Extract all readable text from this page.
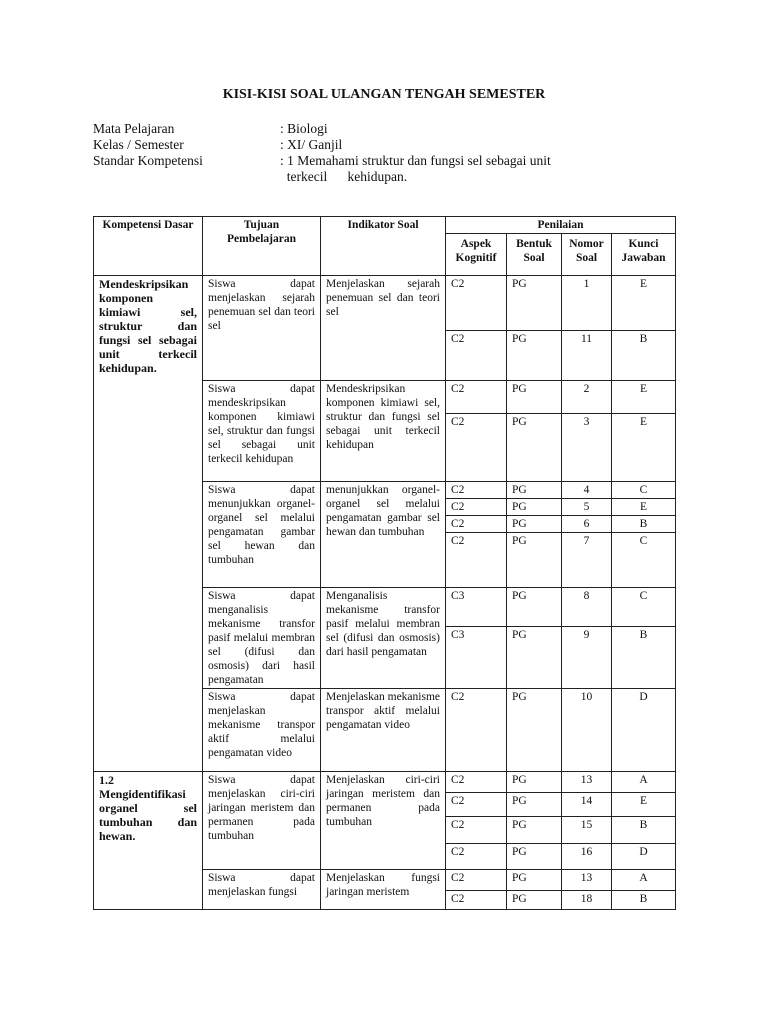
KISI-KISI SOAL ULANGAN TENGAH SEMESTER
Mata Pelajaran	: Biologi
Kelas / Semester	: XI/ Ganjil
Standar Kompetensi	: 1 Memahami struktur dan fungsi sel sebagai unit
terkecil      kehidupan.
Kompetensi Dasar	Tujuan Pembelajaran	Indikator Soal	Penilaian			
			Aspek Kognitif	Bentuk Soal	Nomor Soal	Kunci Jawaban
Mendeskripsikan komponen kimiawi sel, struktur dan fungsi sel sebagai unit terkecil kehidupan.	Siswa dapat menjelaskan sejarah penemuan sel dan teori sel	Menjelaskan sejarah penemuan sel dan teori sel	C2	PG	1	E
			C2	PG	11	B
	Siswa dapat mendeskripsikan komponen kimiawi sel, struktur dan fungsi sel sebagai unit terkecil kehidupan	Mendeskripsikan komponen kimiawi sel, struktur dan fungsi sel sebagai unit terkecil kehidupan	C2	PG	2	E
			C2	PG	3	E
	Siswa dapat menunjukkan organel-organel sel melalui pengamatan gambar sel hewan dan tumbuhan	menunjukkan organel-organel sel melalui pengamatan gambar sel hewan dan tumbuhan	C2	PG	4	C
			C2	PG	5	E
			C2	PG	6	B
			C2	PG	7	C
	Siswa dapat menganalisis mekanisme transfor pasif melalui membran sel (difusi dan osmosis) dari hasil pengamatan	Menganalisis mekanisme transfor pasif melalui membran sel (difusi dan osmosis) dari hasil pengamatan	C3	PG	8	C
			C3	PG	9	B
	Siswa dapat menjelaskan mekanisme transpor aktif melalui pengamatan video	Menjelaskan mekanisme transpor aktif melalui pengamatan video	C2	PG	10	D
1.2 Mengidentifikasi organel sel tumbuhan dan hewan.	Siswa dapat menjelaskan ciri-ciri jaringan meristem dan permanen pada tumbuhan	Menjelaskan ciri-ciri jaringan meristem dan permanen pada tumbuhan	C2	PG	13	A
			C2	PG	14	E
			C2	PG	15	B
			C2	PG	16	D
	Siswa dapat menjelaskan fungsi	Menjelaskan fungsi jaringan meristem	C2	PG	13	A
			C2	PG	18	B
